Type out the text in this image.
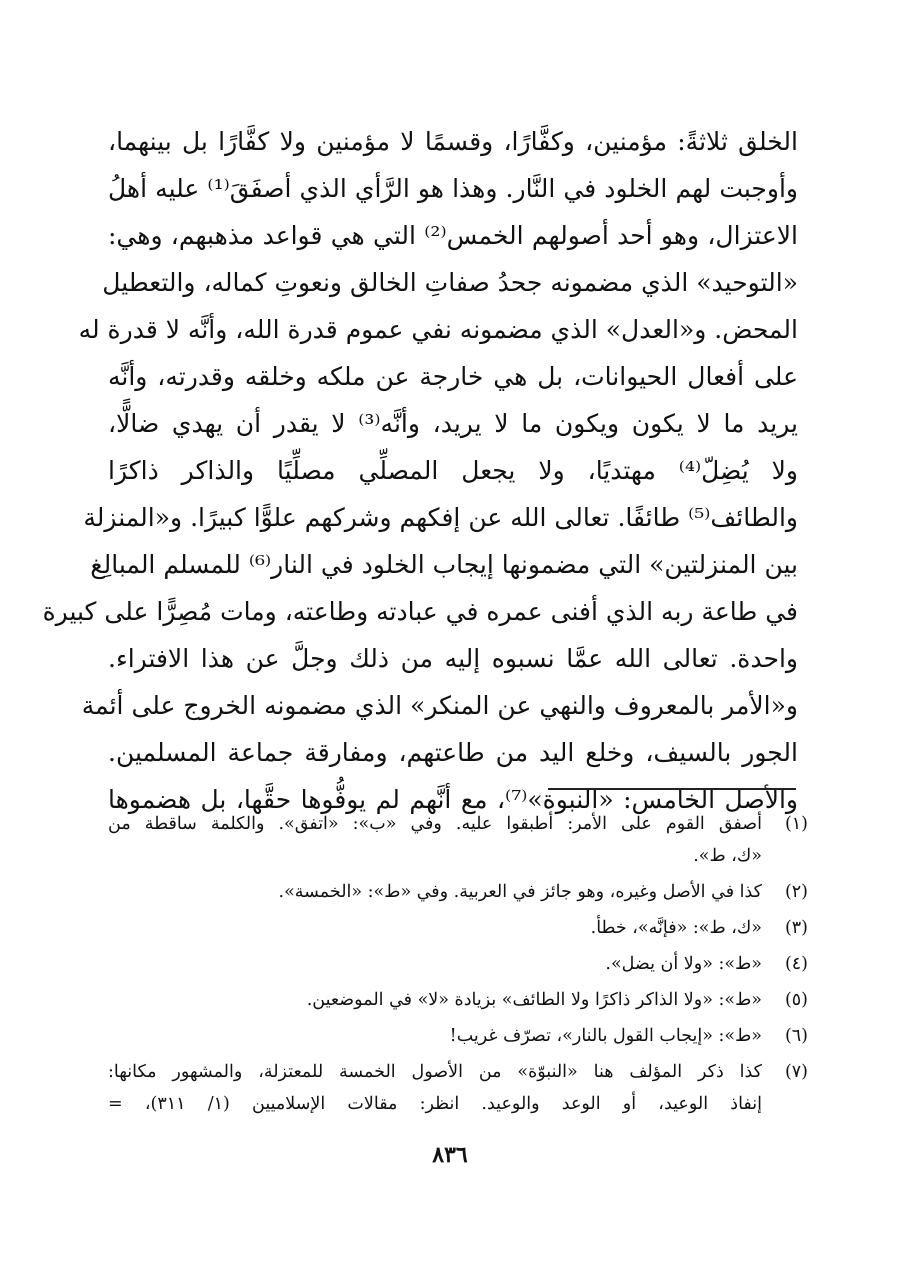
الخلق ثلاثةً: مؤمنين، وكفَّارًا، وقسمًا لا مؤمنين ولا كفَّارًا بل بينهما،
وأوجبت لهم الخلود في النَّار. وهذا هو الرَّأي الذي أصفَقَ⁽¹⁾ عليه أهلُ
الاعتزال، وهو أحد أصولهم الخمس⁽²⁾ التي هي قواعد مذهبهم، وهي:
«التوحيد» الذي مضمونه جحدُ صفاتِ الخالق ونعوتِ كماله، والتعطيل
المحض. و«العدل» الذي مضمونه نفي عموم قدرة الله، وأنَّه لا قدرة له
على أفعال الحيوانات، بل هي خارجة عن ملكه وخلقه وقدرته، وأنَّه
يريد ما لا يكون ويكون ما لا يريد، وأنَّه⁽³⁾ لا يقدر أن يهدي ضالًّا،
ولا يُضِلّ⁽⁴⁾ مهتديًا، ولا يجعل المصلِّي مصلِّيًا والذاكر ذاكرًا
والطائف⁽⁵⁾ طائفًا. تعالى الله عن إفكهم وشركهم علوًّا كبيرًا. و«المنزلة
بين المنزلتين» التي مضمونها إيجاب الخلود في النار⁽⁶⁾ للمسلم المبالِغ
في طاعة ربه الذي أفنى عمره في عبادته وطاعته، ومات مُصِرًّا على كبيرة
واحدة. تعالى الله عمَّا نسبوه إليه من ذلك وجلَّ عن هذا الافتراء.
و«الأمر بالمعروف والنهي عن المنكر» الذي مضمونه الخروج على أئمة
الجور بالسيف، وخلع اليد من طاعتهم، ومفارقة جماعة المسلمين.
والأصل الخامس: «النبوة»⁽⁷⁾، مع أنَّهم لم يوفُّوها حقَّها، بل هضموها
(١)
أصفق القوم على الأمر: أطبقوا عليه. وفي «ب»: «اتفق». والكلمة ساقطة من
«ك، ط».
(٢)
كذا في الأصل وغيره، وهو جائز في العربية. وفي «ط»: «الخمسة».
(٣)
«ك، ط»: «فإنَّه»، خطأ.
(٤)
«ط»: «ولا أن يضل».
(٥)
«ط»: «ولا الذاكر ذاكرًا ولا الطائف» بزيادة «لا» في الموضعين.
(٦)
«ط»: «إيجاب القول بالنار»، تصرّف غريب!
(٧)
كذا ذكر المؤلف هنا «النبوّة» من الأصول الخمسة للمعتزلة، والمشهور مكانها:
إنفاذ الوعيد، أو الوعد والوعيد. انظر: مقالات الإسلاميين (١/ ٣١١)، =
٨٣٦
